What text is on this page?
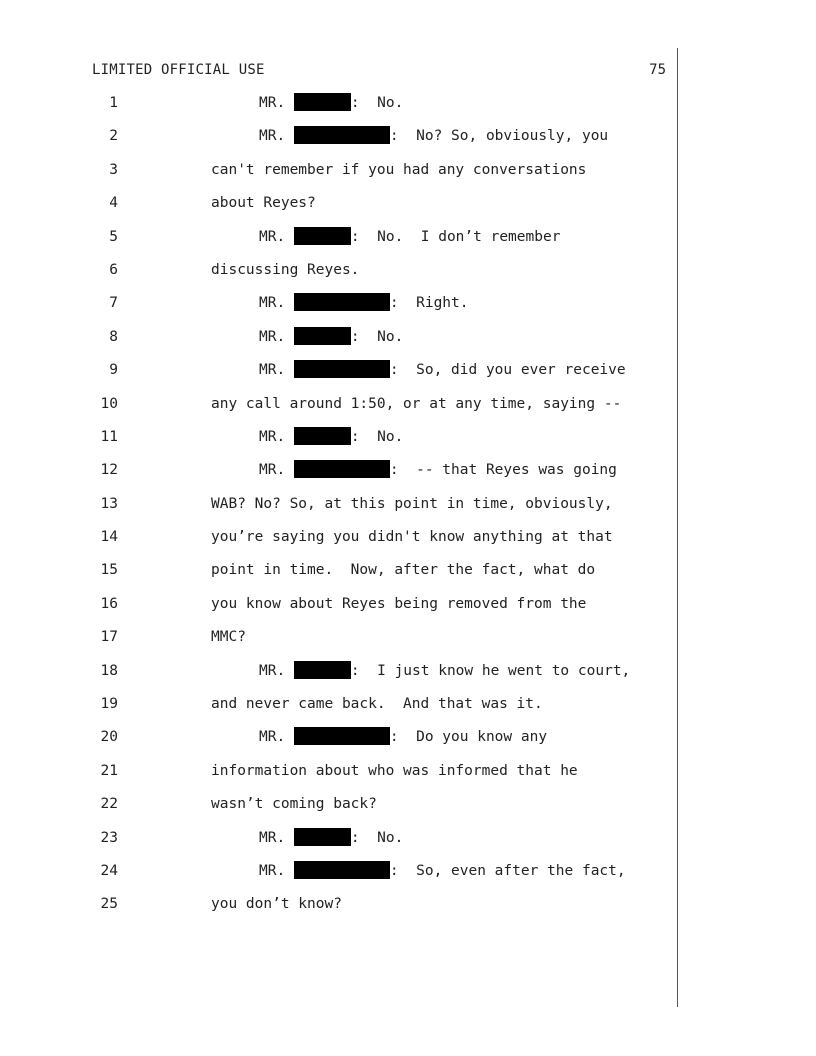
LIMITED OFFICIAL USE	75
1	MR.	:  No.
2	MR.	:  No? So, obviously, you
3	can't remember if you had any conversations
4	about Reyes?
5	MR.	:  No.  I don’t remember
6	discussing Reyes.
7	MR.	:  Right.
8	MR.	:  No.
9	MR.	:  So, did you ever receive
10	any call around 1:50, or at any time, saying --
11	MR.	:  No.
12	MR.	:  -- that Reyes was going
13	WAB? No? So, at this point in time, obviously,
14	you’re saying you didn't know anything at that
15	point in time.  Now, after the fact, what do
16	you know about Reyes being removed from the
17	MMC?
18	MR.	:  I just know he went to court,
19	and never came back.  And that was it.
20	MR.	:  Do you know any
21	information about who was informed that he
22	wasn’t coming back?
23	MR.	:  No.
24	MR.	:  So, even after the fact,
25	you don’t know?
